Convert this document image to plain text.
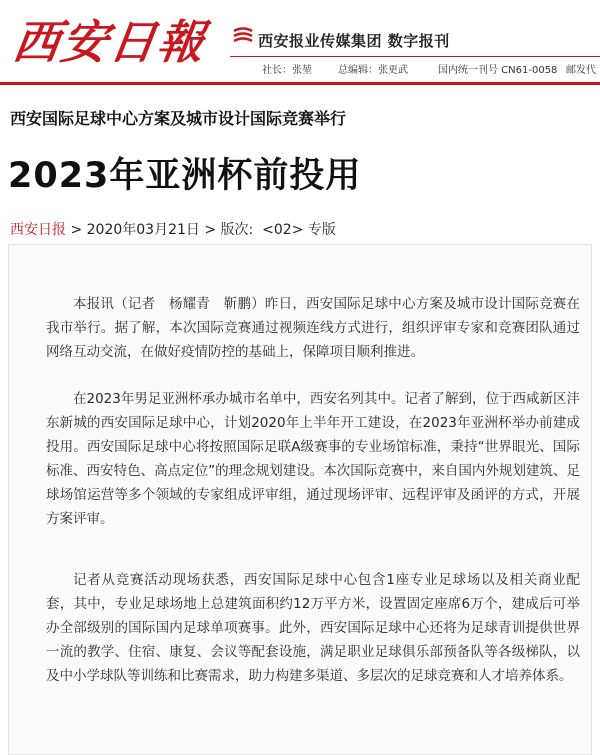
西安日報	西安报业传媒集团 数字报刊
社长：张堃	总编辑：张更武	国内统一刊号 CN61-0058 邮发代
西安国际足球中心方案及城市设计国际竞赛举行
2023年亚洲杯前投用
西安日报 > 2020年03月21日 > 版次: <02> 专版

本报讯（记者　杨耀青　靳鹏）昨日，西安国际足球中心方案及城市设计国际竞赛在我市举行。据了解，本次国际竞赛通过视频连线方式进行，组织评审专家和竞赛团队通过网络互动交流，在做好疫情防控的基础上，保障项目顺利推进。

在2023年男足亚洲杯承办城市名单中，西安名列其中。记者了解到，位于西咸新区沣东新城的西安国际足球中心，计划2020年上半年开工建设，在2023年亚洲杯举办前建成投用。西安国际足球中心将按照国际足联A级赛事的专业场馆标准，秉持“世界眼光、国际标准、西安特色、高点定位”的理念规划建设。本次国际竞赛中，来自国内外规划建筑、足球场馆运营等多个领域的专家组成评审组，通过现场评审、远程评审及函评的方式，开展方案评审。

记者从竞赛活动现场获悉，西安国际足球中心包含1座专业足球场以及相关商业配套，其中，专业足球场地上总建筑面积约12万平方米，设置固定座席6万个，建成后可举办全部级别的国际国内足球单项赛事。此外，西安国际足球中心还将为足球青训提供世界一流的教学、住宿、康复、会议等配套设施，满足职业足球俱乐部预备队等各级梯队，以及中小学球队等训练和比赛需求，助力构建多渠道、多层次的足球竞赛和人才培养体系。
